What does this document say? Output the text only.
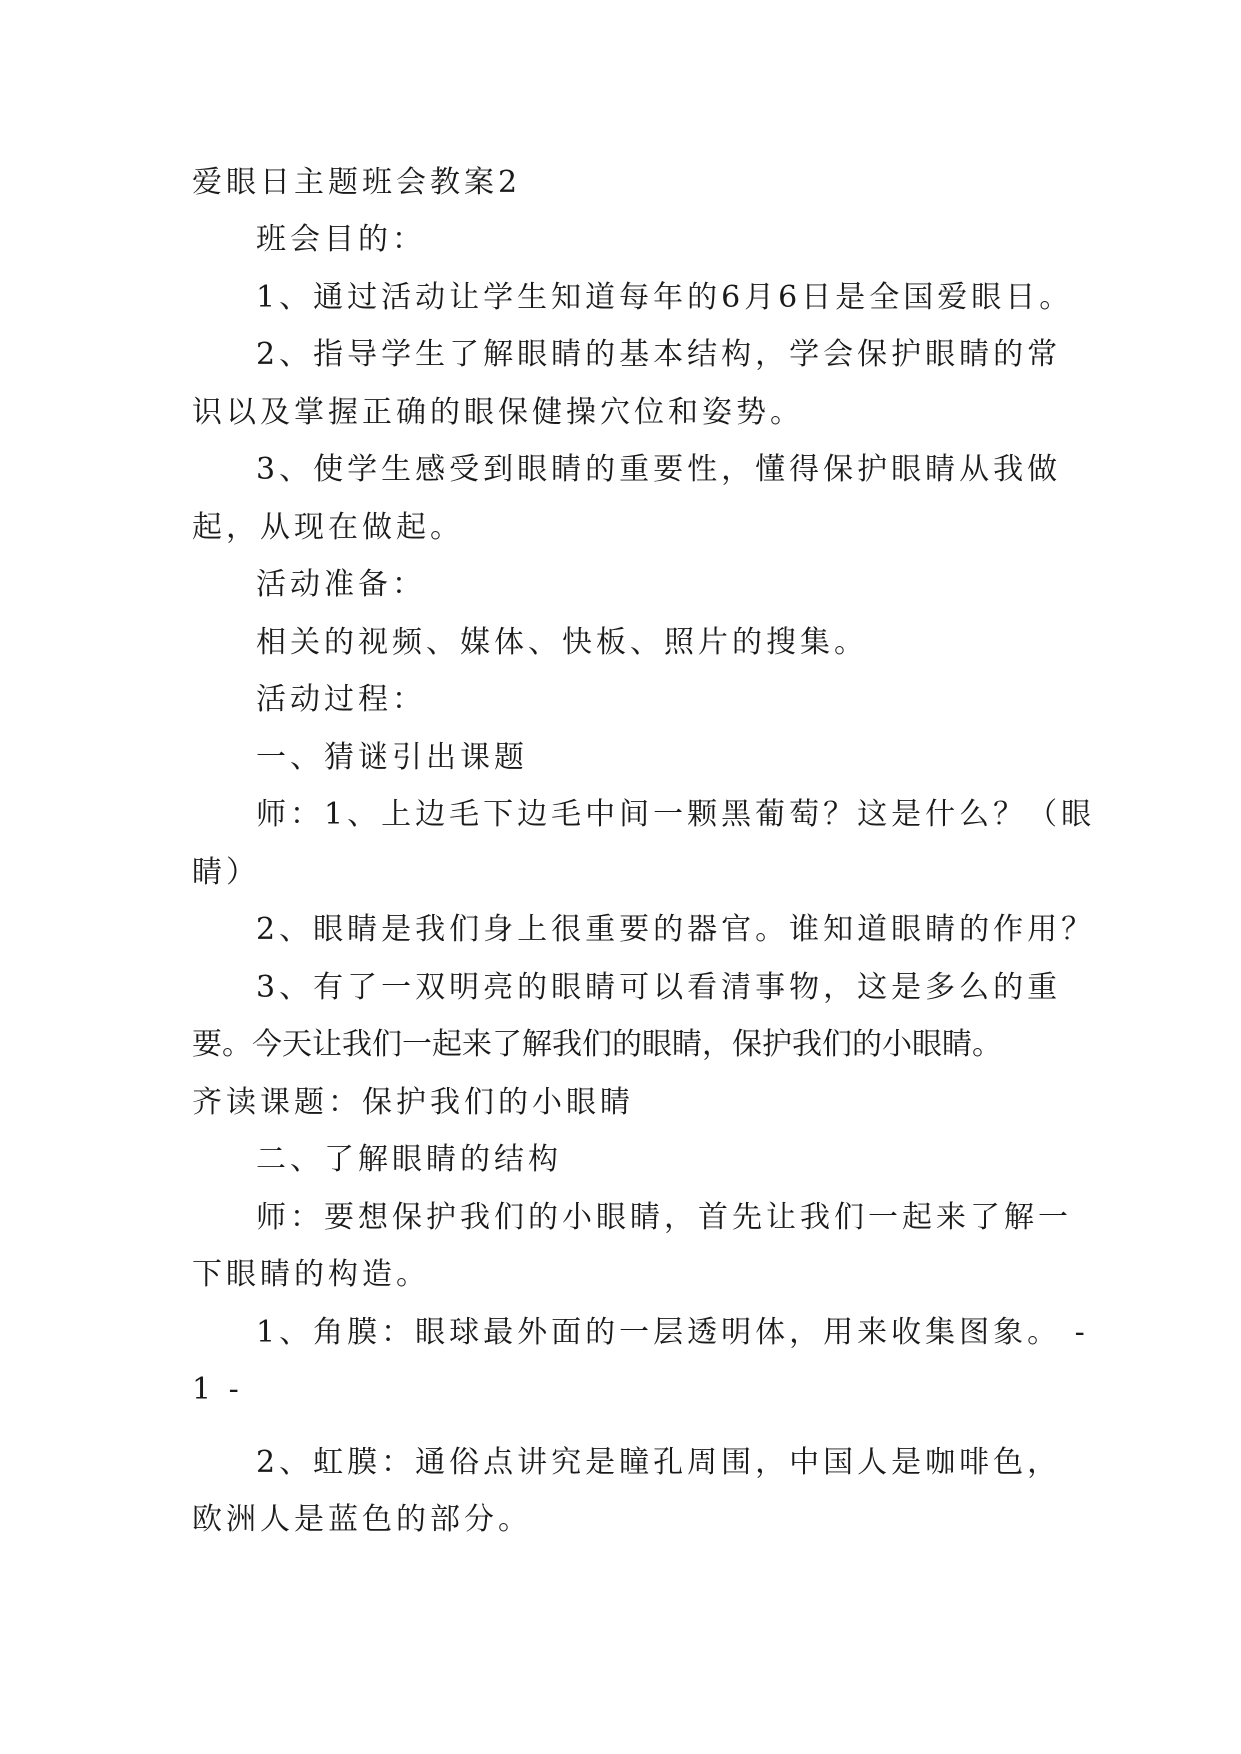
爱眼日主题班会教案2
班会目的：
1、通过活动让学生知道每年的6月6日是全国爱眼日。
2、指导学生了解眼睛的基本结构，学会保护眼睛的常
识以及掌握正确的眼保健操穴位和姿势。
3、使学生感受到眼睛的重要性，懂得保护眼睛从我做
起，从现在做起。
活动准备：
相关的视频、媒体、快板、照片的搜集。
活动过程：
一、猜谜引出课题
师：1、上边毛下边毛中间一颗黑葡萄？这是什么？（眼
睛）
2、眼睛是我们身上很重要的器官。谁知道眼睛的作用？
3、有了一双明亮的眼睛可以看清事物，这是多么的重
要。今天让我们一起来了解我们的眼睛，保护我们的小眼睛。
齐读课题：保护我们的小眼睛
二、了解眼睛的结构
师：要想保护我们的小眼睛，首先让我们一起来了解一
下眼睛的构造。
1、角膜：眼球最外面的一层透明体，用来收集图象。 -
1 -
2、虹膜：通俗点讲究是瞳孔周围，中国人是咖啡色，
欧洲人是蓝色的部分。
